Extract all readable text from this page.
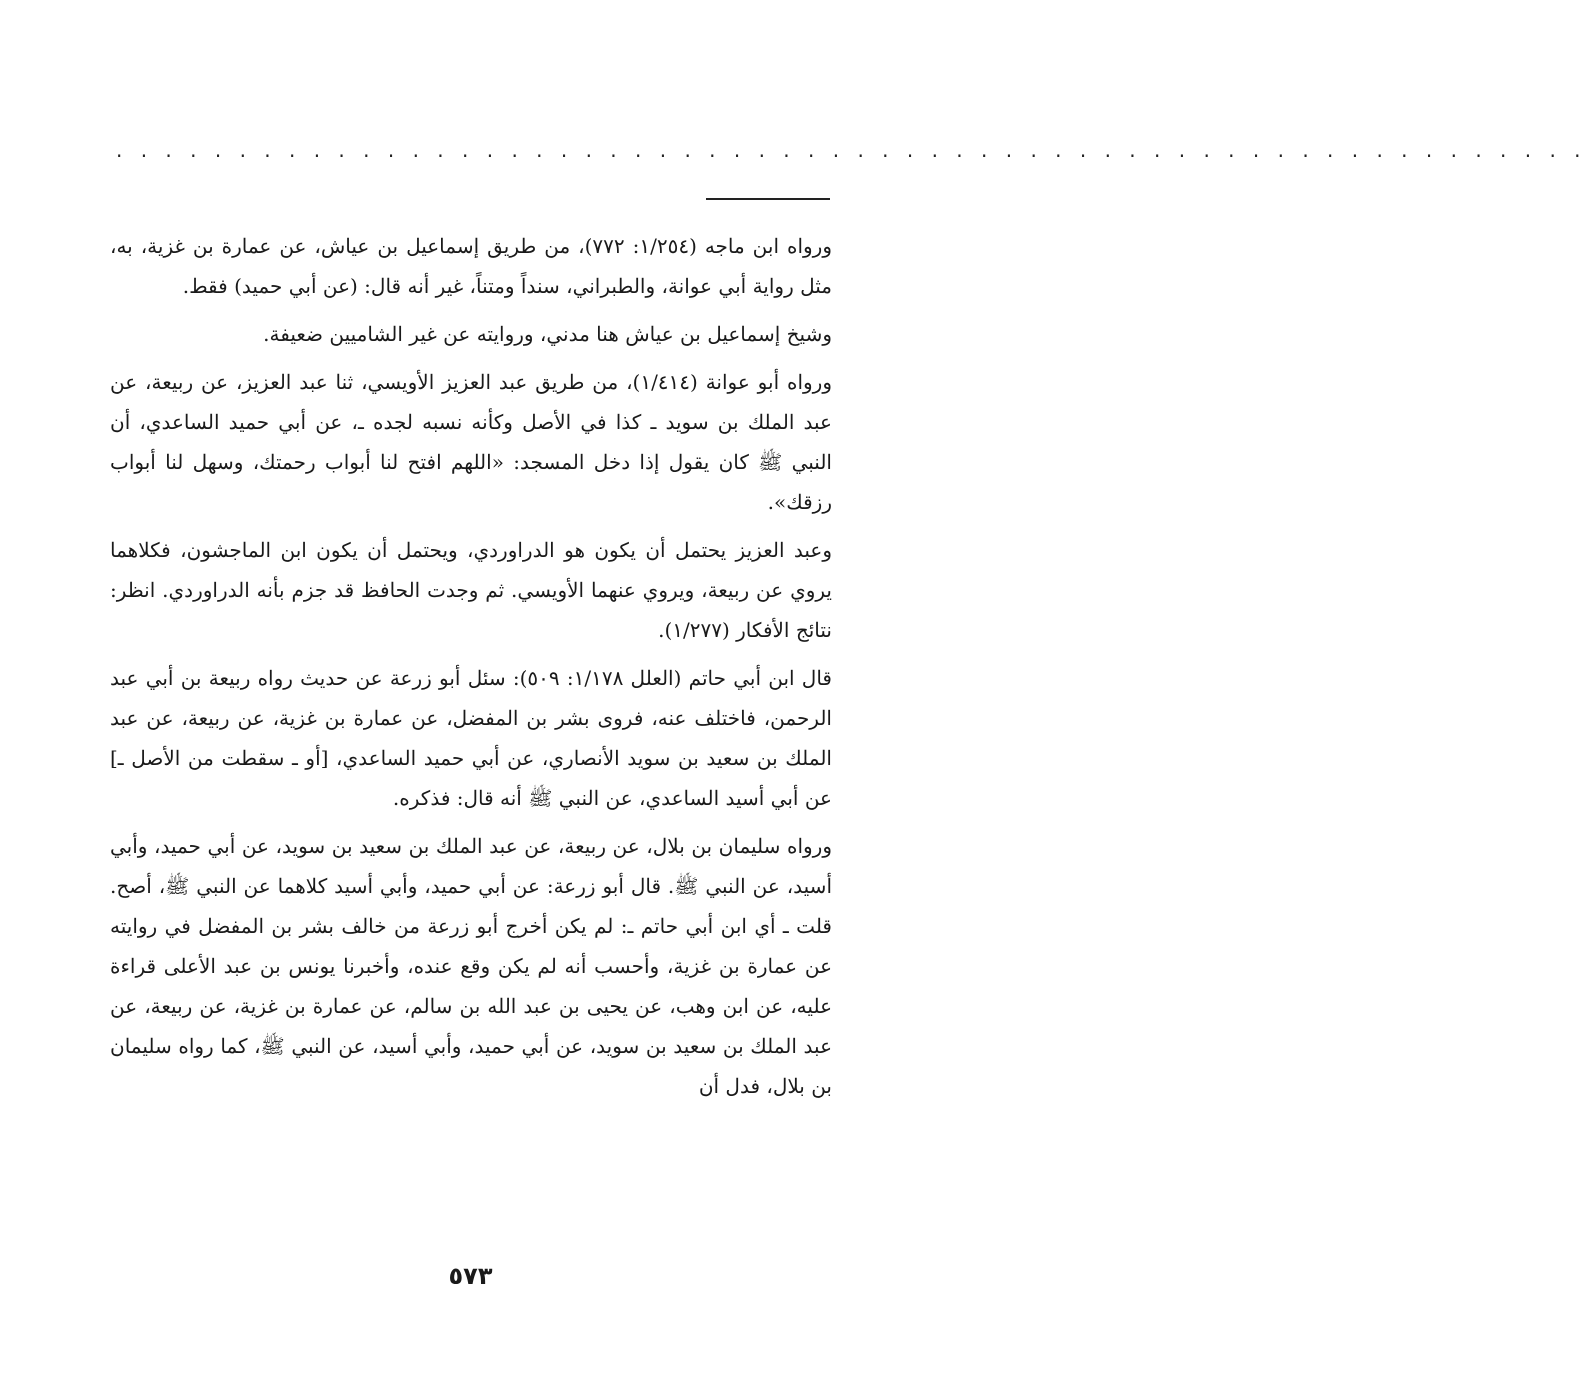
. . . . . . . . . . . . . . . . . . . . . . . . . . . . . . . . . . . . . . . . . . . . . . . . . . . . . . . . . . . .

ورواه ابن ماجه (١/٢٥٤: ٧٧٢)، من طريق إسماعيل بن عياش، عن عمارة بن غزية، به، مثل رواية أبي عوانة، والطبراني، سنداً ومتناً، غير أنه قال: (عن أبي حميد) فقط.

وشيخ إسماعيل بن عياش هنا مدني، وروايته عن غير الشاميين ضعيفة.

ورواه أبو عوانة (١/٤١٤)، من طريق عبد العزيز الأويسي، ثنا عبد العزيز، عن ربيعة، عن عبد الملك بن سويد ـ كذا في الأصل وكأنه نسبه لجده ـ، عن أبي حميد الساعدي، أن النبي ﷺ كان يقول إذا دخل المسجد: «اللهم افتح لنا أبواب رحمتك، وسهل لنا أبواب رزقك».

وعبد العزيز يحتمل أن يكون هو الدراوردي، ويحتمل أن يكون ابن الماجشون، فكلاهما يروي عن ربيعة، ويروي عنهما الأويسي. ثم وجدت الحافظ قد جزم بأنه الدراوردي. انظر: نتائج الأفكار (١/٢٧٧).

قال ابن أبي حاتم (العلل ١/١٧٨: ٥٠٩): سئل أبو زرعة عن حديث رواه ربيعة بن أبي عبد الرحمن، فاختلف عنه، فروى بشر بن المفضل، عن عمارة بن غزية، عن ربيعة، عن عبد الملك بن سعيد بن سويد الأنصاري، عن أبي حميد الساعدي، [أو ـ سقطت من الأصل ـ] عن أبي أسيد الساعدي، عن النبي ﷺ أنه قال: فذكره.

ورواه سليمان بن بلال، عن ربيعة، عن عبد الملك بن سعيد بن سويد، عن أبي حميد، وأبي أسيد، عن النبي ﷺ. قال أبو زرعة: عن أبي حميد، وأبي أسيد كلاهما عن النبي ﷺ، أصح. قلت ـ أي ابن أبي حاتم ـ: لم يكن أخرج أبو زرعة من خالف بشر بن المفضل في روايته عن عمارة بن غزية، وأحسب أنه لم يكن وقع عنده، وأخبرنا يونس بن عبد الأعلى قراءة عليه، عن ابن وهب، عن يحيى بن عبد الله بن سالم، عن عمارة بن غزية، عن ربيعة، عن عبد الملك بن سعيد بن سويد، عن أبي حميد، وأبي أسيد، عن النبي ﷺ، كما رواه سليمان بن بلال، فدل أن

٥٧٣
